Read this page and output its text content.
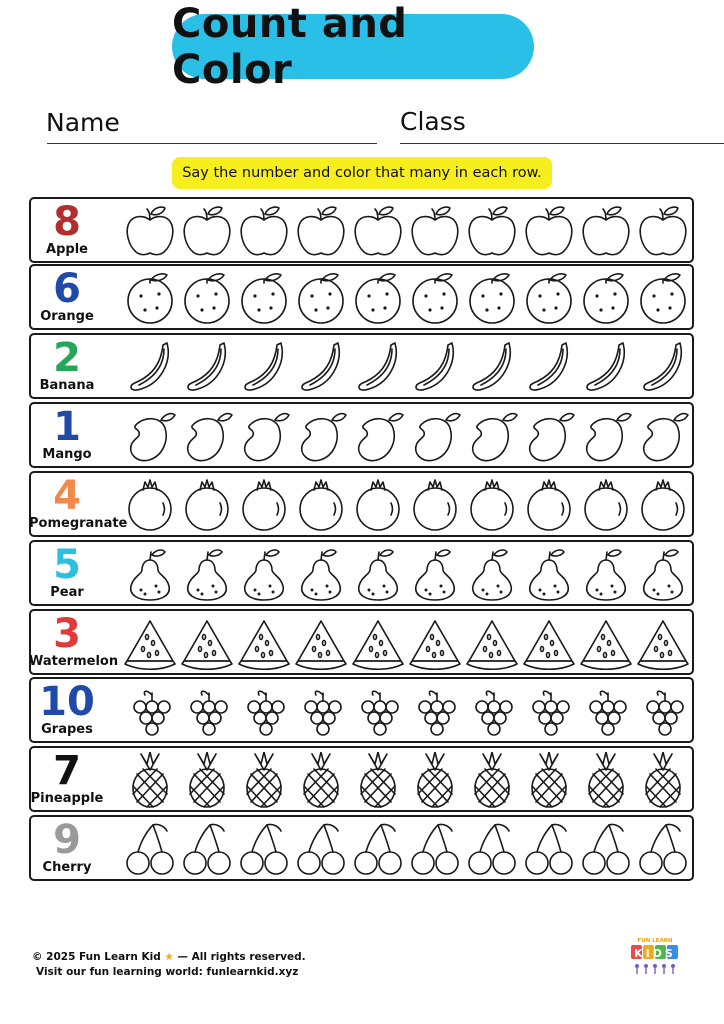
Count and Color
Name	Class
Say the number and color that many in each row.
8
Apple
6
Orange
2
Banana
1
Mango
4
Pomegranate
5
Pear
3
Watermelon
10
Grapes
7
Pineapple
9
Cherry
© 2025 Fun Learn Kid ★ — All rights reserved.
Visit our fun learning world: funlearnkid.xyz
FUN LEARN
KIDS
